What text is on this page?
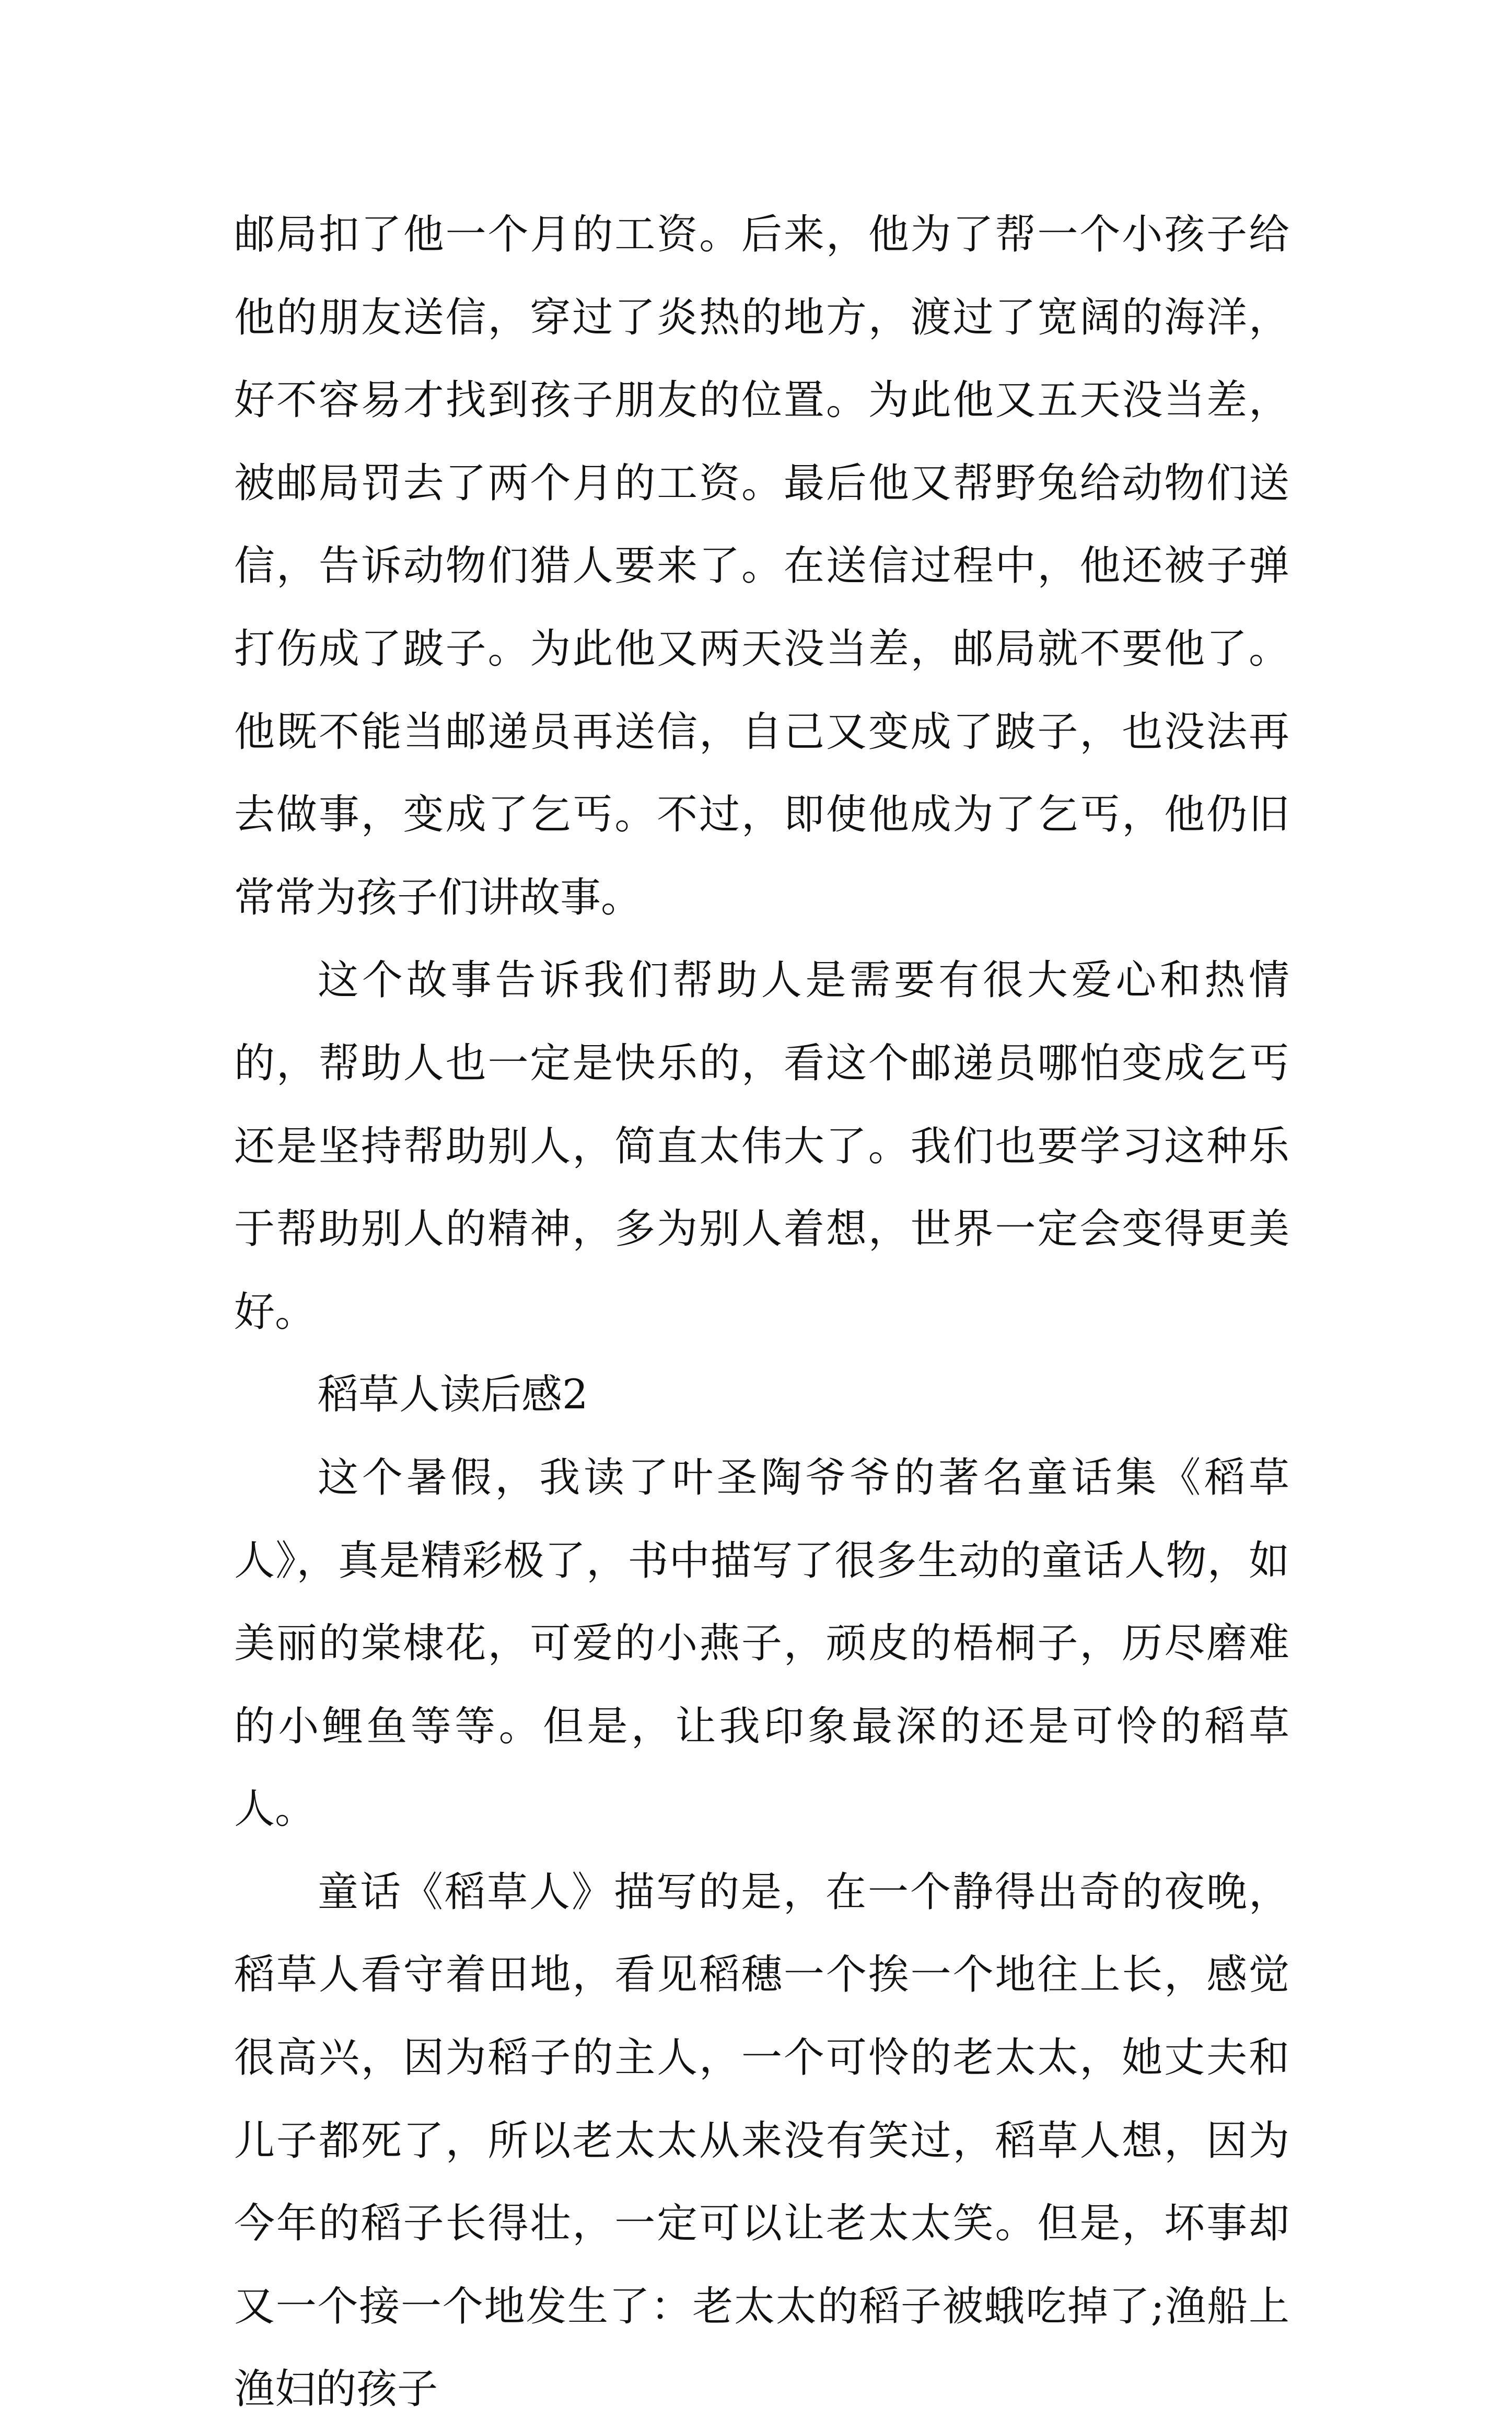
邮局扣了他一个月的工资。后来，他为了帮一个小孩子给他的朋友送信，穿过了炎热的地方，渡过了宽阔的海洋，好不容易才找到孩子朋友的位置。为此他又五天没当差，被邮局罚去了两个月的工资。最后他又帮野兔给动物们送信，告诉动物们猎人要来了。在送信过程中，他还被子弹打伤成了跛子。为此他又两天没当差，邮局就不要他了。他既不能当邮递员再送信，自己又变成了跛子，也没法再去做事，变成了乞丐。不过，即使他成为了乞丐，他仍旧常常为孩子们讲故事。

这个故事告诉我们帮助人是需要有很大爱心和热情的，帮助人也一定是快乐的，看这个邮递员哪怕变成乞丐还是坚持帮助别人，简直太伟大了。我们也要学习这种乐于帮助别人的精神，多为别人着想，世界一定会变得更美好。

稻草人读后感2

这个暑假，我读了叶圣陶爷爷的著名童话集《稻草人》，真是精彩极了，书中描写了很多生动的童话人物，如美丽的棠棣花，可爱的小燕子，顽皮的梧桐子，历尽磨难的小鲤鱼等等。但是，让我印象最深的还是可怜的稻草人。

童话《稻草人》描写的是，在一个静得出奇的夜晚，稻草人看守着田地，看见稻穗一个挨一个地往上长，感觉很高兴，因为稻子的主人，一个可怜的老太太，她丈夫和儿子都死了，所以老太太从来没有笑过，稻草人想，因为今年的稻子长得壮，一定可以让老太太笑。但是，坏事却又一个接一个地发生了：老太太的稻子被蛾吃掉了;渔船上渔妇的孩子
